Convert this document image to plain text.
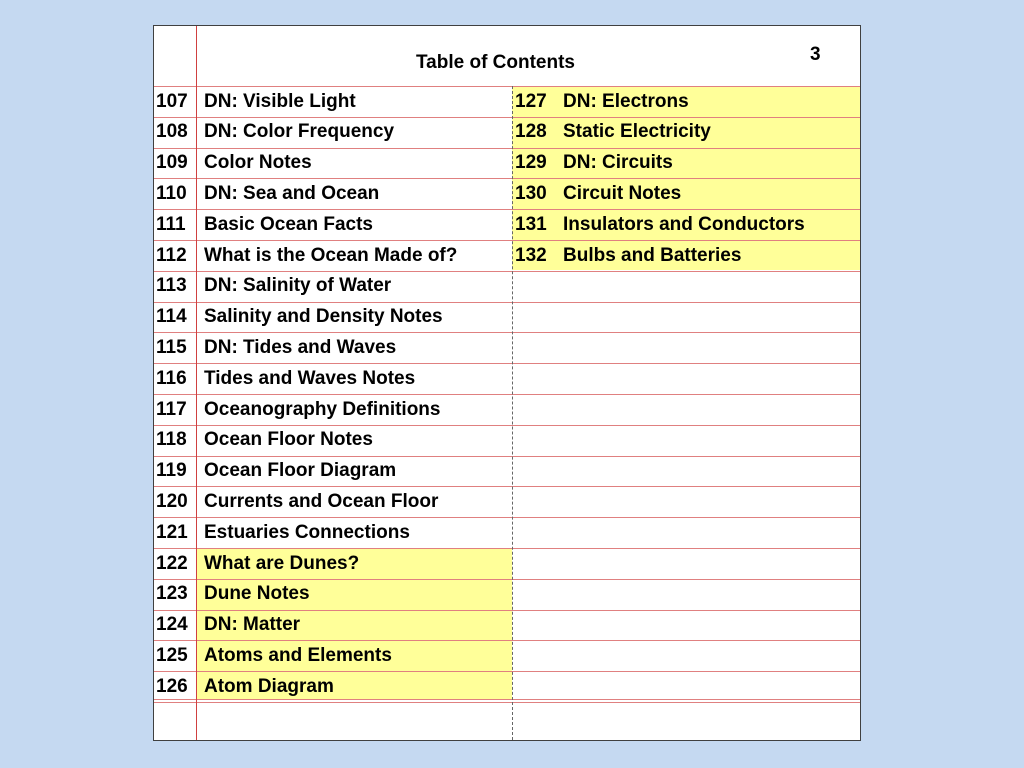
Table of Contents	3
107 DN: Visible Light
108 DN: Color Frequency
109 Color Notes
110 DN: Sea and Ocean
111 Basic Ocean Facts
112 What is the Ocean Made of?
113 DN: Salinity of Water
114 Salinity and Density Notes
115 DN: Tides and Waves
116 Tides and Waves Notes
117 Oceanography Definitions
118 Ocean Floor Notes
119 Ocean Floor Diagram
120 Currents and Ocean Floor
121 Estuaries Connections
122 What are Dunes?
123 Dune Notes
124 DN: Matter
125 Atoms and Elements
126 Atom Diagram
127 DN: Electrons
128 Static Electricity
129 DN: Circuits
130 Circuit Notes
131 Insulators and Conductors
132 Bulbs and Batteries
